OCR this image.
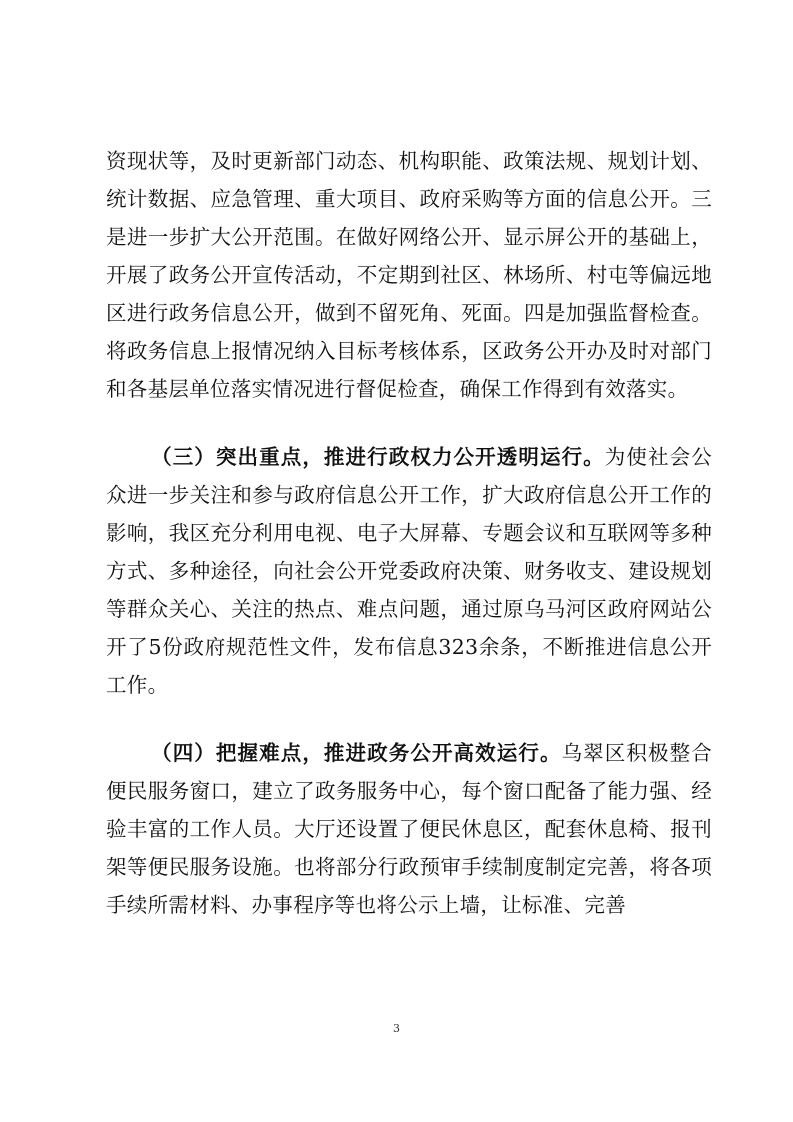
资现状等，及时更新部门动态、机构职能、政策法规、规划计划、统计数据、应急管理、重大项目、政府采购等方面的信息公开。三是进一步扩大公开范围。在做好网络公开、显示屏公开的基础上，开展了政务公开宣传活动，不定期到社区、林场所、村屯等偏远地区进行政务信息公开，做到不留死角、死面。四是加强监督检查。将政务信息上报情况纳入目标考核体系，区政务公开办及时对部门和各基层单位落实情况进行督促检查，确保工作得到有效落实。

（三）突出重点，推进行政权力公开透明运行。为使社会公众进一步关注和参与政府信息公开工作，扩大政府信息公开工作的影响，我区充分利用电视、电子大屏幕、专题会议和互联网等多种方式、多种途径，向社会公开党委政府决策、财务收支、建设规划等群众关心、关注的热点、难点问题，通过原乌马河区政府网站公开了5份政府规范性文件，发布信息323余条，不断推进信息公开工作。

（四）把握难点，推进政务公开高效运行。乌翠区积极整合便民服务窗口，建立了政务服务中心，每个窗口配备了能力强、经验丰富的工作人员。大厅还设置了便民休息区，配套休息椅、报刊架等便民服务设施。也将部分行政预审手续制度制定完善，将各项手续所需材料、办事程序等也将公示上墙，让标准、完善

3
